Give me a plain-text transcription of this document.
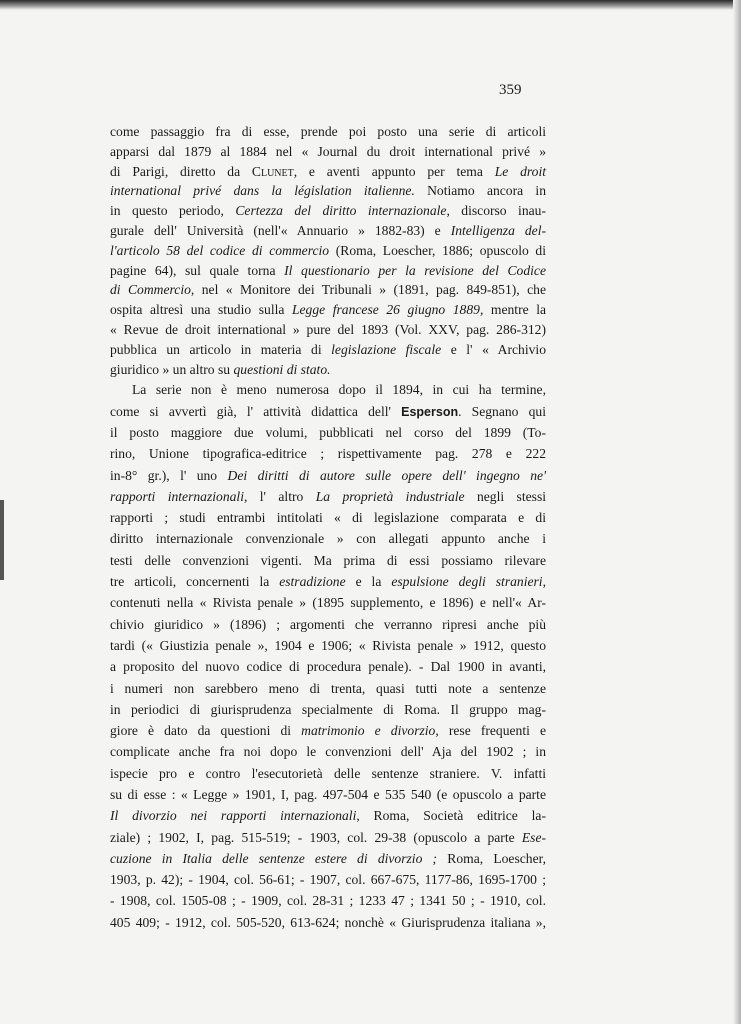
359
come passaggio fra di esse, prende poi posto una serie di articoli
apparsi dal 1879 al 1884 nel « Journal du droit international privé »
di Parigi, diretto da Clunet, e aventi appunto per tema Le droit
international privé dans la législation italienne. Notiamo ancora in
in questo periodo, Certezza del diritto internazionale, discorso inau-
gurale dell' Università (nell'« Annuario » 1882-83) e Intelligenza del-
l'articolo 58 del codice di commercio (Roma, Loescher, 1886; opuscolo di
pagine 64), sul quale torna Il questionario per la revisione del Codice
di Commercio, nel « Monitore dei Tribunali » (1891, pag. 849-851), che
ospita altresì una studio sulla Legge francese 26 giugno 1889, mentre la
« Revue de droit international » pure del 1893 (Vol. XXV, pag. 286-312)
pubblica un articolo in materia di legislazione fiscale e l' « Archivio
giuridico » un altro su questioni di stato.
La serie non è meno numerosa dopo il 1894, in cui ha termine,
come si avvertì già, l' attività didattica dell' Esperson. Segnano qui
il posto maggiore due volumi, pubblicati nel corso del 1899 (To-
rino, Unione tipografica-editrice ; rispettivamente pag. 278 e 222
in-8° gr.), l' uno Dei diritti di autore sulle opere dell' ingegno ne'
rapporti internazionali, l' altro La proprietà industriale negli stessi
rapporti ; studi entrambi intitolati « di legislazione comparata e di
diritto internazionale convenzionale » con allegati appunto anche i
testi delle convenzioni vigenti. Ma prima di essi possiamo rilevare
tre articoli, concernenti la estradizione e la espulsione degli stranieri,
contenuti nella « Rivista penale » (1895 supplemento, e 1896) e nell'« Ar-
chivio giuridico » (1896) ; argomenti che verranno ripresi anche più
tardi (« Giustizia penale », 1904 e 1906; « Rivista penale » 1912, questo
a proposito del nuovo codice di procedura penale). - Dal 1900 in avanti,
i numeri non sarebbero meno di trenta, quasi tutti note a sentenze
in periodici di giurisprudenza specialmente di Roma. Il gruppo mag-
giore è dato da questioni di matrimonio e divorzio, rese frequenti e
complicate anche fra noi dopo le convenzioni dell' Aja del 1902 ; in
ispecie pro e contro l'esecutorietà delle sentenze straniere. V. infatti
su di esse : « Legge » 1901, I, pag. 497-504 e 535 540 (e opuscolo a parte
Il divorzio nei rapporti internazionali, Roma, Società editrice la-
ziale) ; 1902, I, pag. 515-519; - 1903, col. 29-38 (opuscolo a parte Ese-
cuzione in Italia delle sentenze estere di divorzio ; Roma, Loescher,
1903, p. 42); - 1904, col. 56-61; - 1907, col. 667-675, 1177-86, 1695-1700 ;
- 1908, col. 1505-08 ; - 1909, col. 28-31 ; 1233 47 ; 1341 50 ; - 1910, col.
405 409; - 1912, col. 505-520, 613-624; nonchè « Giurisprudenza italiana »,
